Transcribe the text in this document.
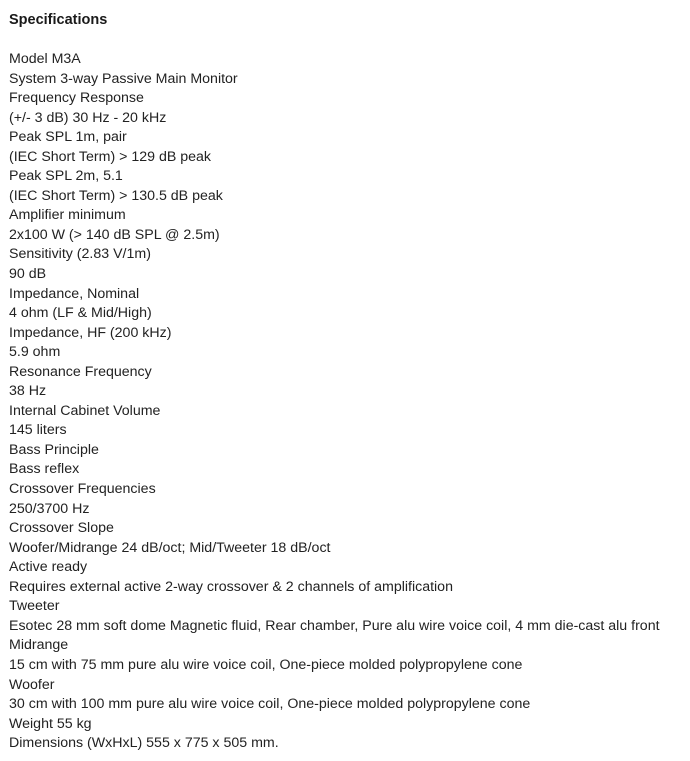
Specifications
Model M3A
System 3-way Passive Main Monitor
Frequency Response
(+/- 3 dB) 30 Hz - 20 kHz
Peak SPL 1m, pair
(IEC Short Term) > 129 dB peak
Peak SPL 2m, 5.1
(IEC Short Term) > 130.5 dB peak
Amplifier minimum
2x100 W (> 140 dB SPL @ 2.5m)
Sensitivity (2.83 V/1m)
90 dB
Impedance, Nominal
4 ohm (LF & Mid/High)
Impedance, HF (200 kHz)
5.9 ohm
Resonance Frequency
38 Hz
Internal Cabinet Volume
145 liters
Bass Principle
Bass reflex
Crossover Frequencies
250/3700 Hz
Crossover Slope
Woofer/Midrange 24 dB/oct; Mid/Tweeter 18 dB/oct
Active ready
Requires external active 2-way crossover & 2 channels of amplification
Tweeter
Esotec 28 mm soft dome Magnetic fluid, Rear chamber, Pure alu wire voice coil, 4 mm die-cast alu front
Midrange
15 cm with 75 mm pure alu wire voice coil, One-piece molded polypropylene cone
Woofer
30 cm with 100 mm pure alu wire voice coil, One-piece molded polypropylene cone
Weight 55 kg
Dimensions (WxHxL) 555 x 775 x 505 mm.
